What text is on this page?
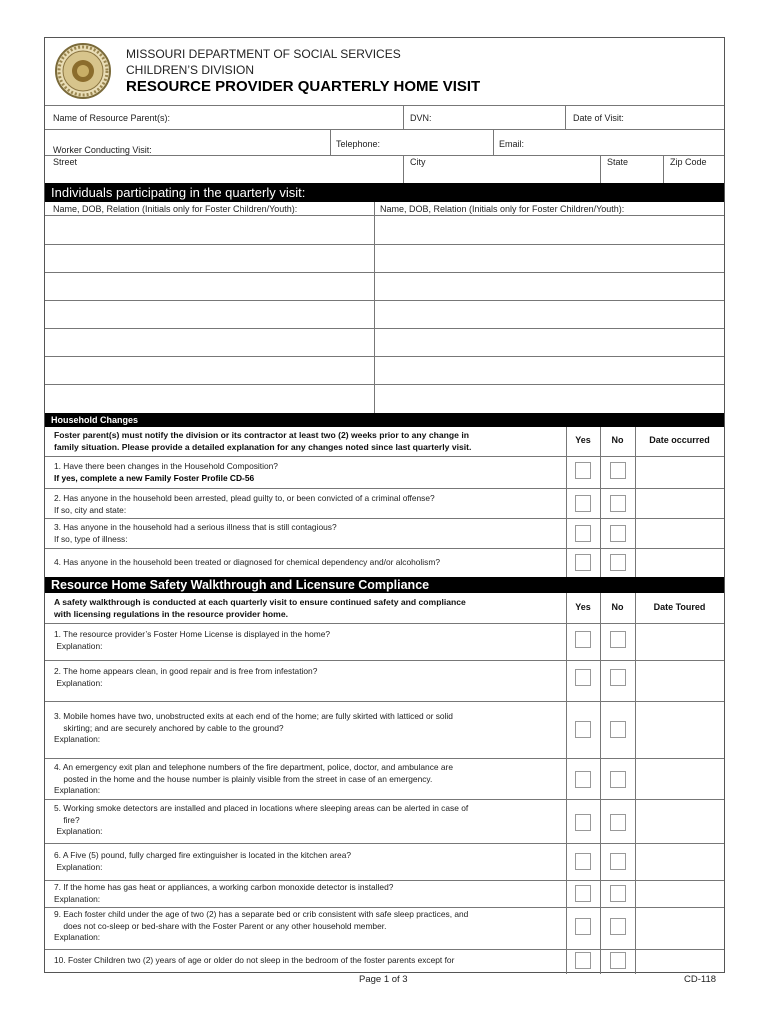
MISSOURI DEPARTMENT OF SOCIAL SERVICES
CHILDREN’S DIVISION
RESOURCE PROVIDER QUARTERLY HOME VISIT
Name of Resource Parent(s):	DVN:	Date of Visit:
Worker Conducting Visit:
Telephone:	Email:
Street	City	State	Zip Code
Individuals participating in the quarterly visit:
Name, DOB, Relation (Initials only for Foster Children/Youth):	Name, DOB, Relation (Initials only for Foster Children/Youth):
Household Changes
Foster parent(s) must notify the division or its contractor at least two (2) weeks prior to any change in
family situation. Please provide a detailed explanation for any changes noted since last quarterly visit.
Yes	No	Date occurred
1. Have there been changes in the Household Composition?
If yes, complete a new Family Foster Profile CD-56
2. Has anyone in the household been arrested, plead guilty to, or been convicted of a criminal offense?
If so, city and state:
3. Has anyone in the household had a serious illness that is still contagious?
If so, type of illness:
4. Has anyone in the household been treated or diagnosed for chemical dependency and/or alcoholism?
Resource Home Safety Walkthrough and Licensure Compliance
A safety walkthrough is conducted at each quarterly visit to ensure continued safety and compliance
with licensing regulations in the resource provider home.
Yes	No	Date Toured
1. The resource provider’s Foster Home License is displayed in the home?
Explanation:
2. The home appears clean, in good repair and is free from infestation?
Explanation:
3. Mobile homes have two, unobstructed exits at each end of the home; are fully skirted with latticed or solid
skirting; and are securely anchored by cable to the ground?
Explanation:
4. An emergency exit plan and telephone numbers of the fire department, police, doctor, and ambulance are
posted in the home and the house number is plainly visible from the street in case of an emergency.
Explanation:
5. Working smoke detectors are installed and placed in locations where sleeping areas can be alerted in case of
fire?
Explanation:
6. A Five (5) pound, fully charged fire extinguisher is located in the kitchen area?
Explanation:
7. If the home has gas heat or appliances, a working carbon monoxide detector is installed?
Explanation:
9. Each foster child under the age of two (2) has a separate bed or crib consistent with safe sleep practices, and
does not co-sleep or bed-share with the Foster Parent or any other household member.
Explanation:
10. Foster Children two (2) years of age or older do not sleep in the bedroom of the foster parents except for
Page 1 of 3	CD-118
